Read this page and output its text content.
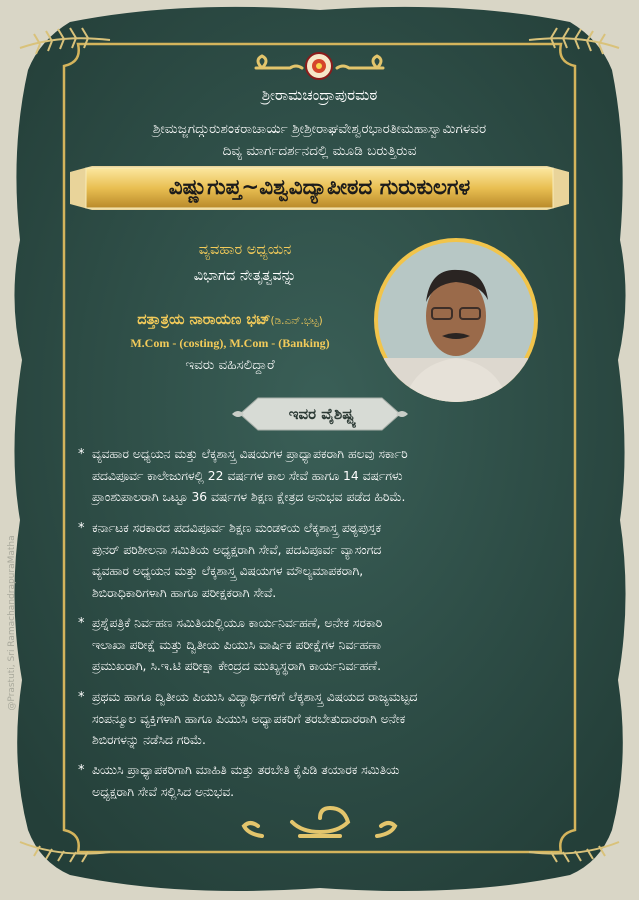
ಶ್ರೀರಾಮಚಂದ್ರಾಪುರಮಠ
ಶ್ರೀಮಜ್ಜಗದ್ಗುರುಶಂಕರಾಚಾರ್ಯ ಶ್ರೀಶ್ರೀರಾಘವೇಶ್ವರಭಾರತೀಮಹಾಸ್ವಾಮಿಗಳವರ
ದಿವ್ಯ ಮಾರ್ಗದರ್ಶನದಲ್ಲಿ ಮೂಡಿ ಬರುತ್ತಿರುವ
ವಿಷ್ಣುಗುಪ್ತ~ವಿಶ್ವವಿದ್ಯಾಪೀಠದ ಗುರುಕುಲಗಳ
ವ್ಯವಹಾರ ಅಧ್ಯಯನ
ವಿಭಾಗದ ನೇತೃತ್ವವನ್ನು
ದತ್ತಾತ್ರಯ ನಾರಾಯಣ ಭಟ್(ಡಿ.ಎನ್.ಭಟ್ಟ)
M.Com - (costing), M.Com - (Banking)
ಇವರು ವಹಿಸಲಿದ್ದಾರೆ
ಇವರ ವೈಶಿಷ್ಟ್ಯ
* ವ್ಯವಹಾರ ಅಧ್ಯಯನ ಮತ್ತು ಲೆಕ್ಕಶಾಸ್ತ್ರ ವಿಷಯಗಳ ಪ್ರಾಧ್ಯಾಪಕರಾಗಿ ಹಲವು ಸರ್ಕಾರಿ
ಪದವಿಪೂರ್ವ ಕಾಲೇಜುಗಳಲ್ಲಿ 22 ವರ್ಷಗಳ ಕಾಲ ಸೇವೆ ಹಾಗೂ 14 ವರ್ಷಗಳು
ಪ್ರಾಂಶುಪಾಲರಾಗಿ ಒಟ್ಟೂ 36 ವರ್ಷಗಳ ಶಿಕ್ಷಣ ಕ್ಷೇತ್ರದ ಅನುಭವ ಪಡೆದ ಹಿರಿಮೆ.
* ಕರ್ನಾಟಕ ಸರಕಾರದ ಪದವಿಪೂರ್ವ ಶಿಕ್ಷಣ ಮಂಡಳಿಯ ಲೆಕ್ಕಶಾಸ್ತ್ರ ಪಠ್ಯಪುಸ್ತಕ
ಪುನರ್ ಪರಿಶೀಲನಾ ಸಮಿತಿಯ ಅಧ್ಯಕ್ಷರಾಗಿ ಸೇವೆ, ಪದವಿಪೂರ್ವ ವ್ಯಾಸಂಗದ
ವ್ಯವಹಾರ ಅಧ್ಯಯನ ಮತ್ತು ಲೆಕ್ಕಶಾಸ್ತ್ರ ವಿಷಯಗಳ ಮೌಲ್ಯಮಾಪಕರಾಗಿ,
ಶಿಬಿರಾಧಿಕಾರಿಗಳಾಗಿ ಹಾಗೂ ಪರೀಕ್ಷಕರಾಗಿ ಸೇವೆ.
* ಪ್ರಶ್ನೆಪತ್ರಿಕೆ ನಿರ್ವಹಣ ಸಮಿತಿಯಲ್ಲಿಯೂ ಕಾರ್ಯನಿರ್ವಹಣೆ, ಅನೇಕ ಸರಕಾರಿ
ಇಲಾಖಾ ಪರೀಕ್ಷೆ ಮತ್ತು ದ್ವಿತೀಯ ಪಿಯುಸಿ ವಾರ್ಷಿಕ ಪರೀಕ್ಷೆಗಳ ನಿರ್ವಹಣಾ
ಪ್ರಮುಖರಾಗಿ, ಸಿ.ಇ.ಟಿ ಪರೀಕ್ಷಾ ಕೇಂದ್ರದ ಮುಖ್ಯಸ್ಥರಾಗಿ ಕಾರ್ಯನಿರ್ವಹಣೆ.
* ಪ್ರಥಮ ಹಾಗೂ ದ್ವಿತೀಯ ಪಿಯುಸಿ ವಿದ್ಯಾರ್ಥಿಗಳಿಗೆ ಲೆಕ್ಕಶಾಸ್ತ್ರ ವಿಷಯದ ರಾಜ್ಯಮಟ್ಟದ
ಸಂಪನ್ಮೂಲ ವ್ಯಕ್ತಿಗಳಾಗಿ ಹಾಗೂ ಪಿಯುಸಿ ಅಧ್ಯಾಪಕರಿಗೆ ತರಬೇತುದಾರರಾಗಿ ಅನೇಕ
ಶಿಬಿರಗಳನ್ನು ನಡೆಸಿದ ಗರಿಮೆ.
* ಪಿಯುಸಿ ಪ್ರಾಧ್ಯಾಪಕರಿಗಾಗಿ ಮಾಹಿತಿ ಮತ್ತು ತರಬೇತಿ ಕೈಪಿಡಿ ತಯಾರಕ ಸಮಿತಿಯ
ಅಧ್ಯಕ್ಷರಾಗಿ ಸೇವೆ ಸಲ್ಲಿಸಿದ ಅನುಭವ.
@Prastuti, Sri RamachandrapuraMatha
